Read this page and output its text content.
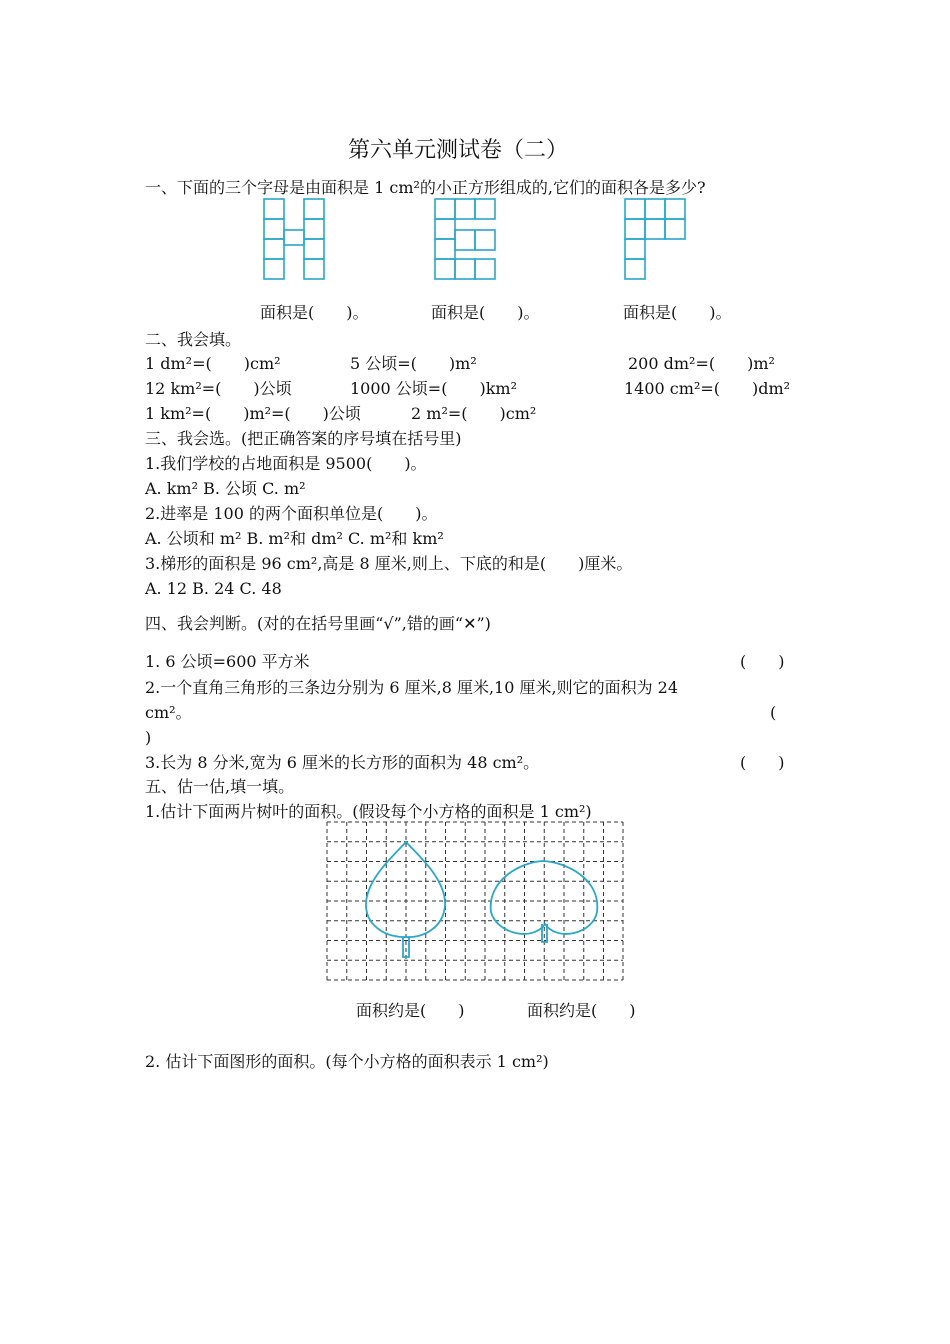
第六单元测试卷（二）
一、下面的三个字母是由面积是 1 cm²的小正方形组成的,它们的面积各是多少?
面积是(　　)。	面积是(　　)。	面积是(　　)。
二、我会填。
1 dm²=(　　)cm²	5 公顷=(　　)m²	200 dm²=(　　)m²
12 km²=(　　)公顷	1000 公顷=(　　)km²	1400 cm²=(　　)dm²
1 km²=(　　)m²=(　　)公顷	2 m²=(　　)cm²
三、我会选。(把正确答案的序号填在括号里)
1.我们学校的占地面积是 9500(　　)。
A. km² B. 公顷 C. m²
2.进率是 100 的两个面积单位是(　　)。
A. 公顷和 m² B. m²和 dm² C. m²和 km²
3.梯形的面积是 96 cm²,高是 8 厘米,则上、下底的和是(　　)厘米。
A. 12 B. 24 C. 48
四、我会判断。(对的在括号里画“√”,错的画“✕”)
1. 6 公顷=600 平方米	(　　)
2.一个直角三角形的三条边分别为 6 厘米,8 厘米,10 厘米,则它的面积为 24
cm²。	(
)
3.长为 8 分米,宽为 6 厘米的长方形的面积为 48 cm²。	(　　)
五、估一估,填一填。
1.估计下面两片树叶的面积。(假设每个小方格的面积是 1 cm²)
面积约是(　　)	面积约是(　　)
2. 估计下面图形的面积。(每个小方格的面积表示 1 cm²)
